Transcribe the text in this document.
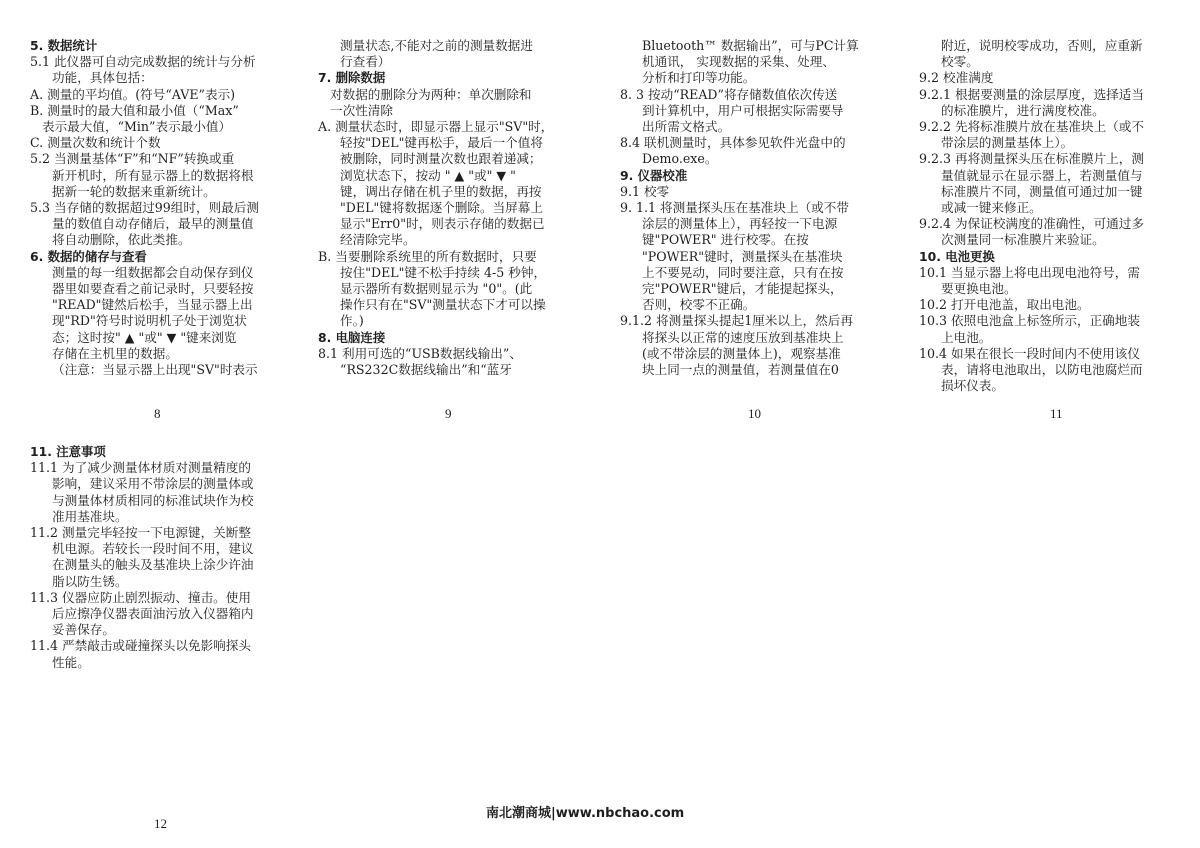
5. 数据统计

5.1 此仪器可自动完成数据的统计与分析

功能，具体包括：

A. 测量的平均值。(符号“AVE”表示)

B. 测量时的最大值和最小值（“Max”

表示最大值，“Min”表示最小值）

C. 测量次数和统计个数

5.2 当测量基体“F”和“NF”转换或重

新开机时，所有显示器上的数据将根

据新一轮的数据来重新统计。

5.3 当存储的数据超过99组时，则最后测

量的数值自动存储后，最早的测量值

将自动删除，依此类推。

6. 数据的储存与查看

测量的每一组数据都会自动保存到仪

器里如要查看之前记录时，只要轻按

"READ"键然后松手，当显示器上出

现"RD"符号时说明机子处于浏览状

态；这时按" ▲ "或" ▼ "键来浏览

存储在主机里的数据。

（注意：当显示器上出现"SV"时表示

测量状态,不能对之前的测量数据进

行查看）

7. 删除数据

对数据的删除分为两种：单次删除和

一次性清除

A. 测量状态时，即显示器上显示"SV"时，

轻按"DEL"键再松手，最后一个值将

被删除，同时测量次数也跟着递减；

浏览状态下，按动 " ▲ "或" ▼ "

键，调出存储在机子里的数据，再按

"DEL"键将数据逐个删除。当屏幕上

显示"Err0"时，则表示存储的数据已

经清除完毕。

B. 当要删除系统里的所有数据时，只要

按住"DEL"键不松手持续 4-5 秒钟，

显示器所有数据则显示为 "0"。(此

操作只有在"SV"测量状态下才可以操

作。)

8. 电脑连接

8.1 利用可选的“USB数据线输出”、

“RS232C数据线输出”和“蓝牙

Bluetooth™ 数据输出”，可与PC计算

机通讯， 实现数据的采集、处理、

分析和打印等功能。

8. 3 按动“READ”将存储数值依次传送

到计算机中，用户可根据实际需要导

出所需文格式。

8.4 联机测量时，具体参见软件光盘中的

Demo.exe。

9. 仪器校准

9.1 校零

9. 1.1 将测量探头压在基准块上（或不带

涂层的测量体上），再轻按一下电源

键"POWER" 进行校零。在按

"POWER"键时，测量探头在基准块

上不要晃动，同时要注意，只有在按

完"POWER"键后，才能提起探头，

否则，校零不正确。

9.1.2 将测量探头提起1厘米以上，然后再

将探头以正常的速度压放到基准块上

(或不带涂层的测量体上)，观察基准

块上同一点的测量值，若测量值在0

附近，说明校零成功，否则，应重新

校零。

9.2 校准满度

9.2.1 根据要测量的涂层厚度，选择适当

的标准膜片，进行满度校准。

9.2.2 先将标准膜片放在基准块上（或不

带涂层的测量基体上）。

9.2.3 再将测量探头压在标准膜片上，测

量值就显示在显示器上，若测量值与

标准膜片不同，测量值可通过加一键

或减一键来修正。

9.2.4 为保证校满度的准确性，可通过多

次测量同一标准膜片来验证。

10. 电池更换

10.1 当显示器上将电出现电池符号，需

要更换电池。

10.2 打开电池盖，取出电池。

10.3 依照电池盒上标签所示，正确地装

上电池。

10.4 如果在很长一段时间内不使用该仪

表，请将电池取出，以防电池腐烂而

损坏仪表。

11. 注意事项

11.1 为了减少测量体材质对测量精度的

影响，建议采用不带涂层的测量体或

与测量体材质相同的标准试块作为校

准用基准块。

11.2 测量完毕轻按一下电源键，关断整

机电源。若较长一段时间不用，建议

在测量头的触头及基准块上涂少许油

脂以防生锈。

11.3 仪器应防止剧烈振动、撞击。使用

后应擦净仪器表面油污放入仪器箱内

妥善保存。

11.4 严禁敲击或碰撞探头以免影响探头

性能。

8	9	10	11
12
南北潮商城|www.nbchao.com
